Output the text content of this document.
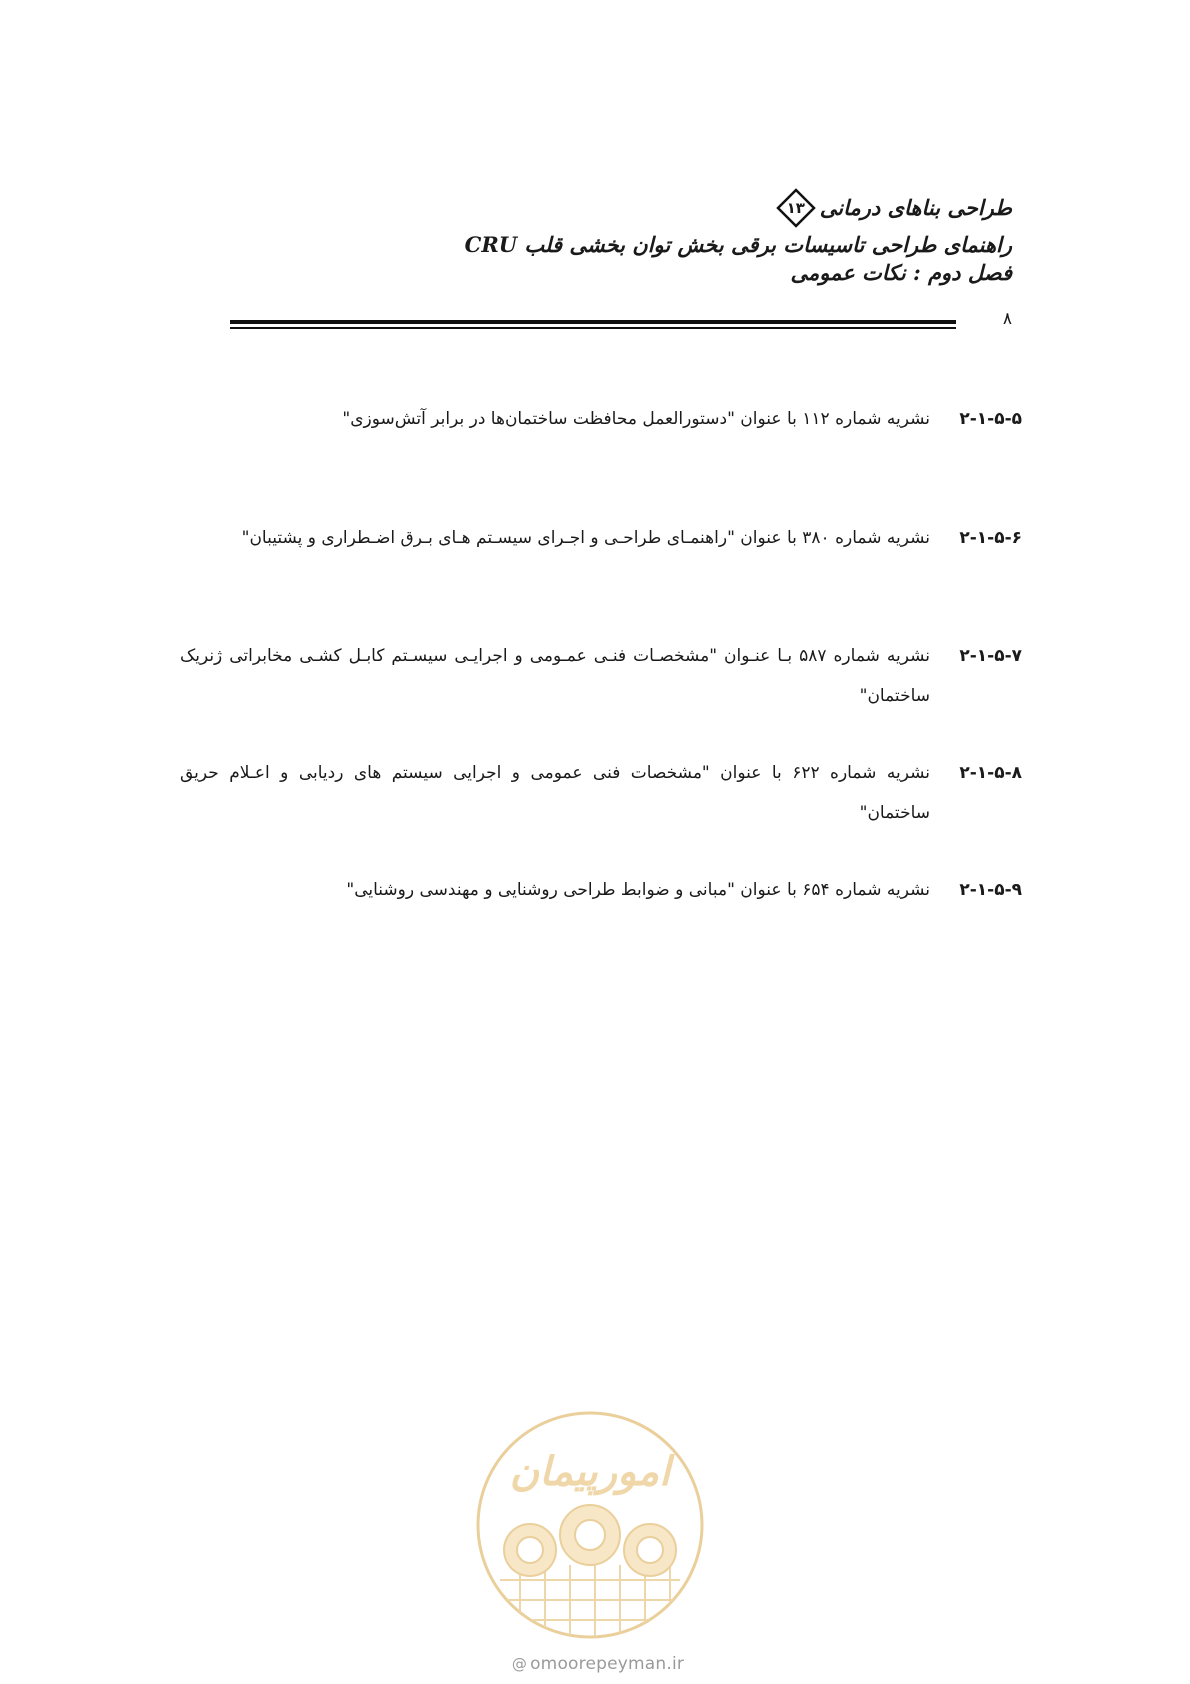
طراحی بناهای درمانی
۱۳
راهنمای طراحی تاسیسات برقی بخش توان بخشی قلب CRU
فصل دوم : نکات عمومی
۸
۲-۱-۵-۵
نشریه شماره ۱۱۲ با عنوان "دستورالعمل محافظت ساختمان‌ها در برابر آتش‌سوزی"
۲-۱-۵-۶
نشریه شماره ۳۸۰ با عنوان "راهنمـای طراحـی و اجـرای سیسـتم هـای بـرق اضـطراری و پشتیبان"
۲-۱-۵-۷
نشریه شماره ۵۸۷ بـا عنـوان "مشخصـات فنـی عمـومی و اجرایـی سیسـتم کابـل کشـی مخابراتی ژنریک ساختمان"
۲-۱-۵-۸
نشریه شماره ۶۲۲ با عنوان "مشخصات فنی عمومی و اجرایی سیستم های ردیابی و اعـلام حریق ساختمان"
۲-۱-۵-۹
نشریه شماره ۶۵۴ با عنوان "مبانی و ضوابط طراحی روشنایی و مهندسی روشنایی"
امورپیمان
@ omoorepeyman.ir
